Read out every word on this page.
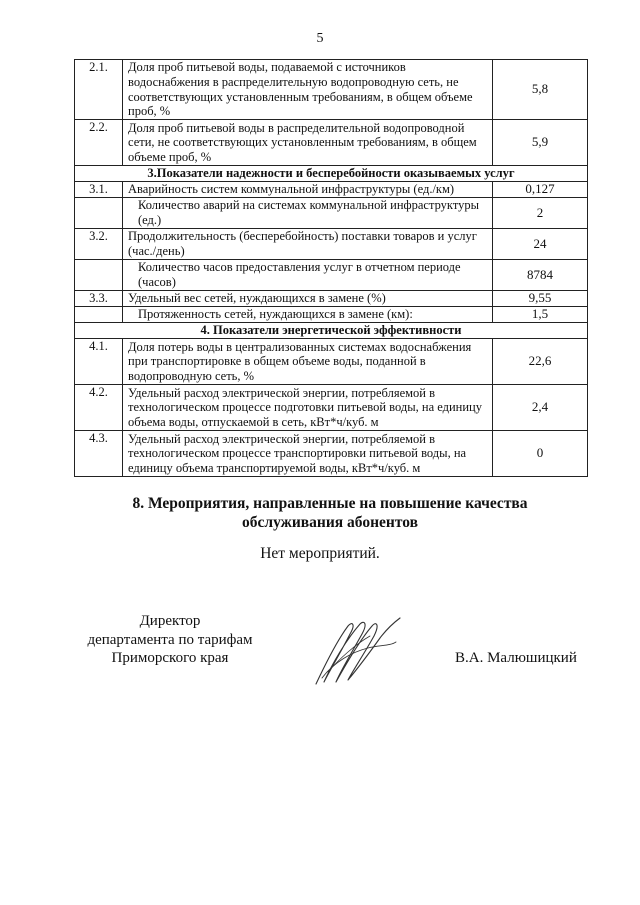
5
2.1.	Доля проб питьевой воды, подаваемой с источников водоснабжения в распределительную водопроводную сеть, не соответствующих установленным требованиям, в общем объеме проб, %	5,8
2.2.	Доля проб питьевой воды в распределительной водопроводной сети, не соответствующих установленным требованиям, в общем объеме проб, %	5,9
3.Показатели надежности и бесперебойности оказываемых услуг		
3.1.	Аварийность систем коммунальной инфраструктуры (ед./км)	0,127
	Количество аварий на системах коммунальной инфраструктуры (ед.)	2
3.2.	Продолжительность (бесперебойность) поставки товаров и услуг (час./день)	24
	Количество часов предоставления услуг в отчетном периоде (часов)	8784
3.3.	Удельный вес сетей, нуждающихся в замене (%)	9,55
	Протяженность сетей, нуждающихся в замене (км):	1,5
4. Показатели энергетической эффективности		
4.1.	Доля потерь воды в централизованных системах водоснабжения при транспортировке в общем объеме воды, поданной в водопроводную сеть, %	22,6
4.2.	Удельный расход электрической энергии, потребляемой в технологическом процессе подготовки питьевой воды, на единицу объема воды, отпускаемой в сеть, кВт*ч/куб. м	2,4
4.3.	Удельный расход электрической энергии, потребляемой в технологическом процессе транспортировки питьевой воды, на единицу объема транспортируемой воды, кВт*ч/куб. м	0
8. Мероприятия, направленные на повышение качества обслуживания абонентов
Нет мероприятий.
Директор
департамента по тарифам
Приморского края	В.А. Малюшицкий
